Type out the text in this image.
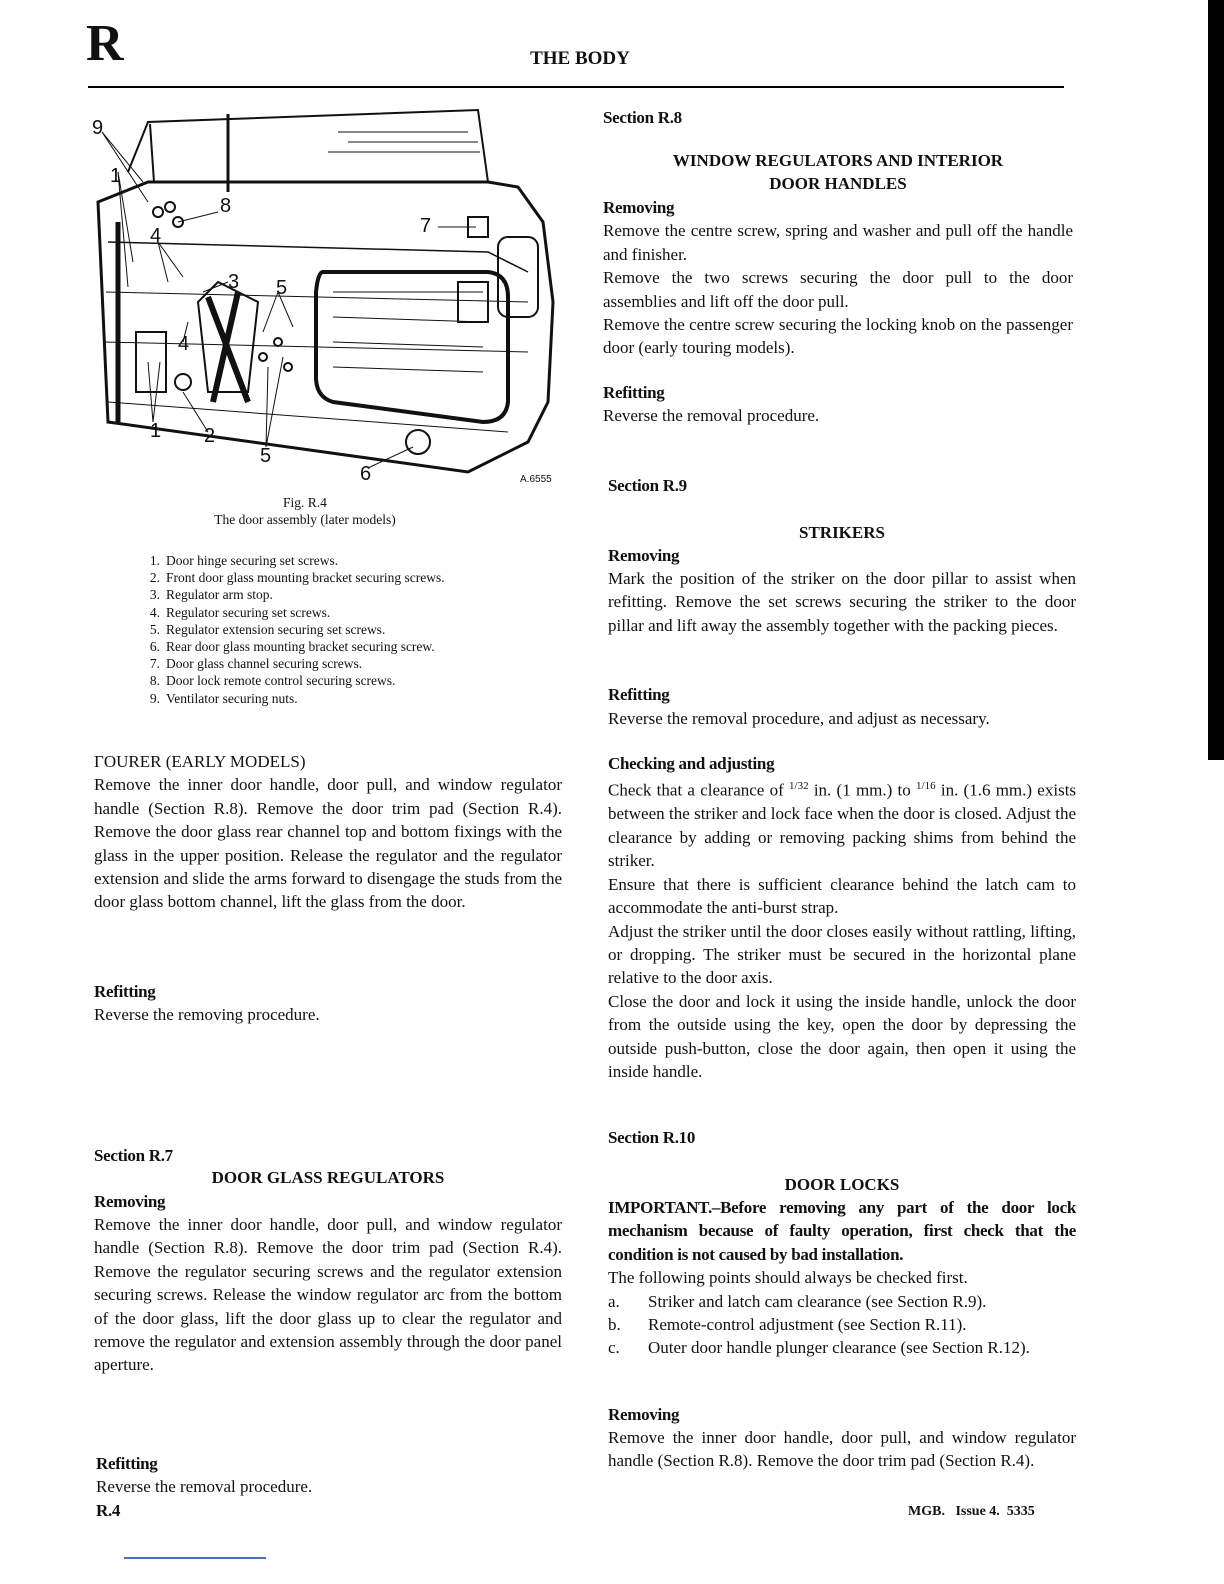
R	THE BODY
9
1
8
7
4
3 5
4
1 2
5
6	A.6555
Fig. R.4
The door assembly (later models)
1. Door hinge securing set screws.
2. Front door glass mounting bracket securing screws.
3. Regulator arm stop.
4. Regulator securing set screws.
5. Regulator extension securing set screws.
6. Rear door glass mounting bracket securing screw.
7. Door glass channel securing screws.
8. Door lock remote control securing screws.
9. Ventilator securing nuts.
ΓOURER (EARLY MODELS)

Remove the inner door handle, door pull, and window regulator handle (Section R.8). Remove the door trim pad (Section R.4). Remove the door glass rear channel top and bottom fixings with the glass in the upper position. Release the regulator and the regulator extension and slide the arms forward to disengage the studs from the door glass bottom channel, lift the glass from the door.

Refitting
Reverse the removing procedure.
Section R.7
DOOR GLASS REGULATORS
Removing

Remove the inner door handle, door pull, and window regulator handle (Section R.8). Remove the door trim pad (Section R.4). Remove the regulator securing screws and the regulator extension securing screws. Release the window regulator arc from the bottom of the door glass, lift the door glass up to clear the regulator and remove the regulator and extension assembly through the door panel aperture.

Refitting
Reverse the removal procedure.
Section R.8
WINDOW REGULATORS AND INTERIOR
DOOR HANDLES
Removing

Remove the centre screw, spring and washer and pull off the handle and finisher.

Remove the two screws securing the door pull to the door assemblies and lift off the door pull.

Remove the centre screw securing the locking knob on the passenger door (early touring models).

Refitting
Reverse the removal procedure.
Section R.9
STRIKERS
Removing

Mark the position of the striker on the door pillar to assist when refitting. Remove the set screws securing the striker to the door pillar and lift away the assembly together with the packing pieces.

Refitting
Reverse the removal procedure, and adjust as necessary.
Checking and adjusting

Check that a clearance of $^{1/32}$ in. (1 mm.) to $^{1/16}$ in. (1.6 mm.) exists between the striker and lock face when the door is closed. Adjust the clearance by adding or removing packing shims from behind the striker.

Ensure that there is sufficient clearance behind the latch cam to accommodate the anti-burst strap.

Adjust the striker until the door closes easily without rattling, lifting, or dropping. The striker must be secured in the horizontal plane relative to the door axis.

Close the door and lock it using the inside handle, unlock the door from the outside using the key, open the door by depressing the outside push-button, close the door again, then open it using the inside handle.

Section R.10
DOOR LOCKS

IMPORTANT.–Before removing any part of the door lock mechanism because of faulty operation, first check that the condition is not caused by bad installation.

The following points should always be checked first.

a.	Striker and latch cam clearance (see Section R.9).
b.	Remote-control adjustment (see Section R.11).
c.	Outer door handle plunger clearance (see Section R.12).
Removing

Remove the inner door handle, door pull, and window regulator handle (Section R.8). Remove the door trim pad (Section R.4).

R.4	MGB.   Issue 4.  5335
